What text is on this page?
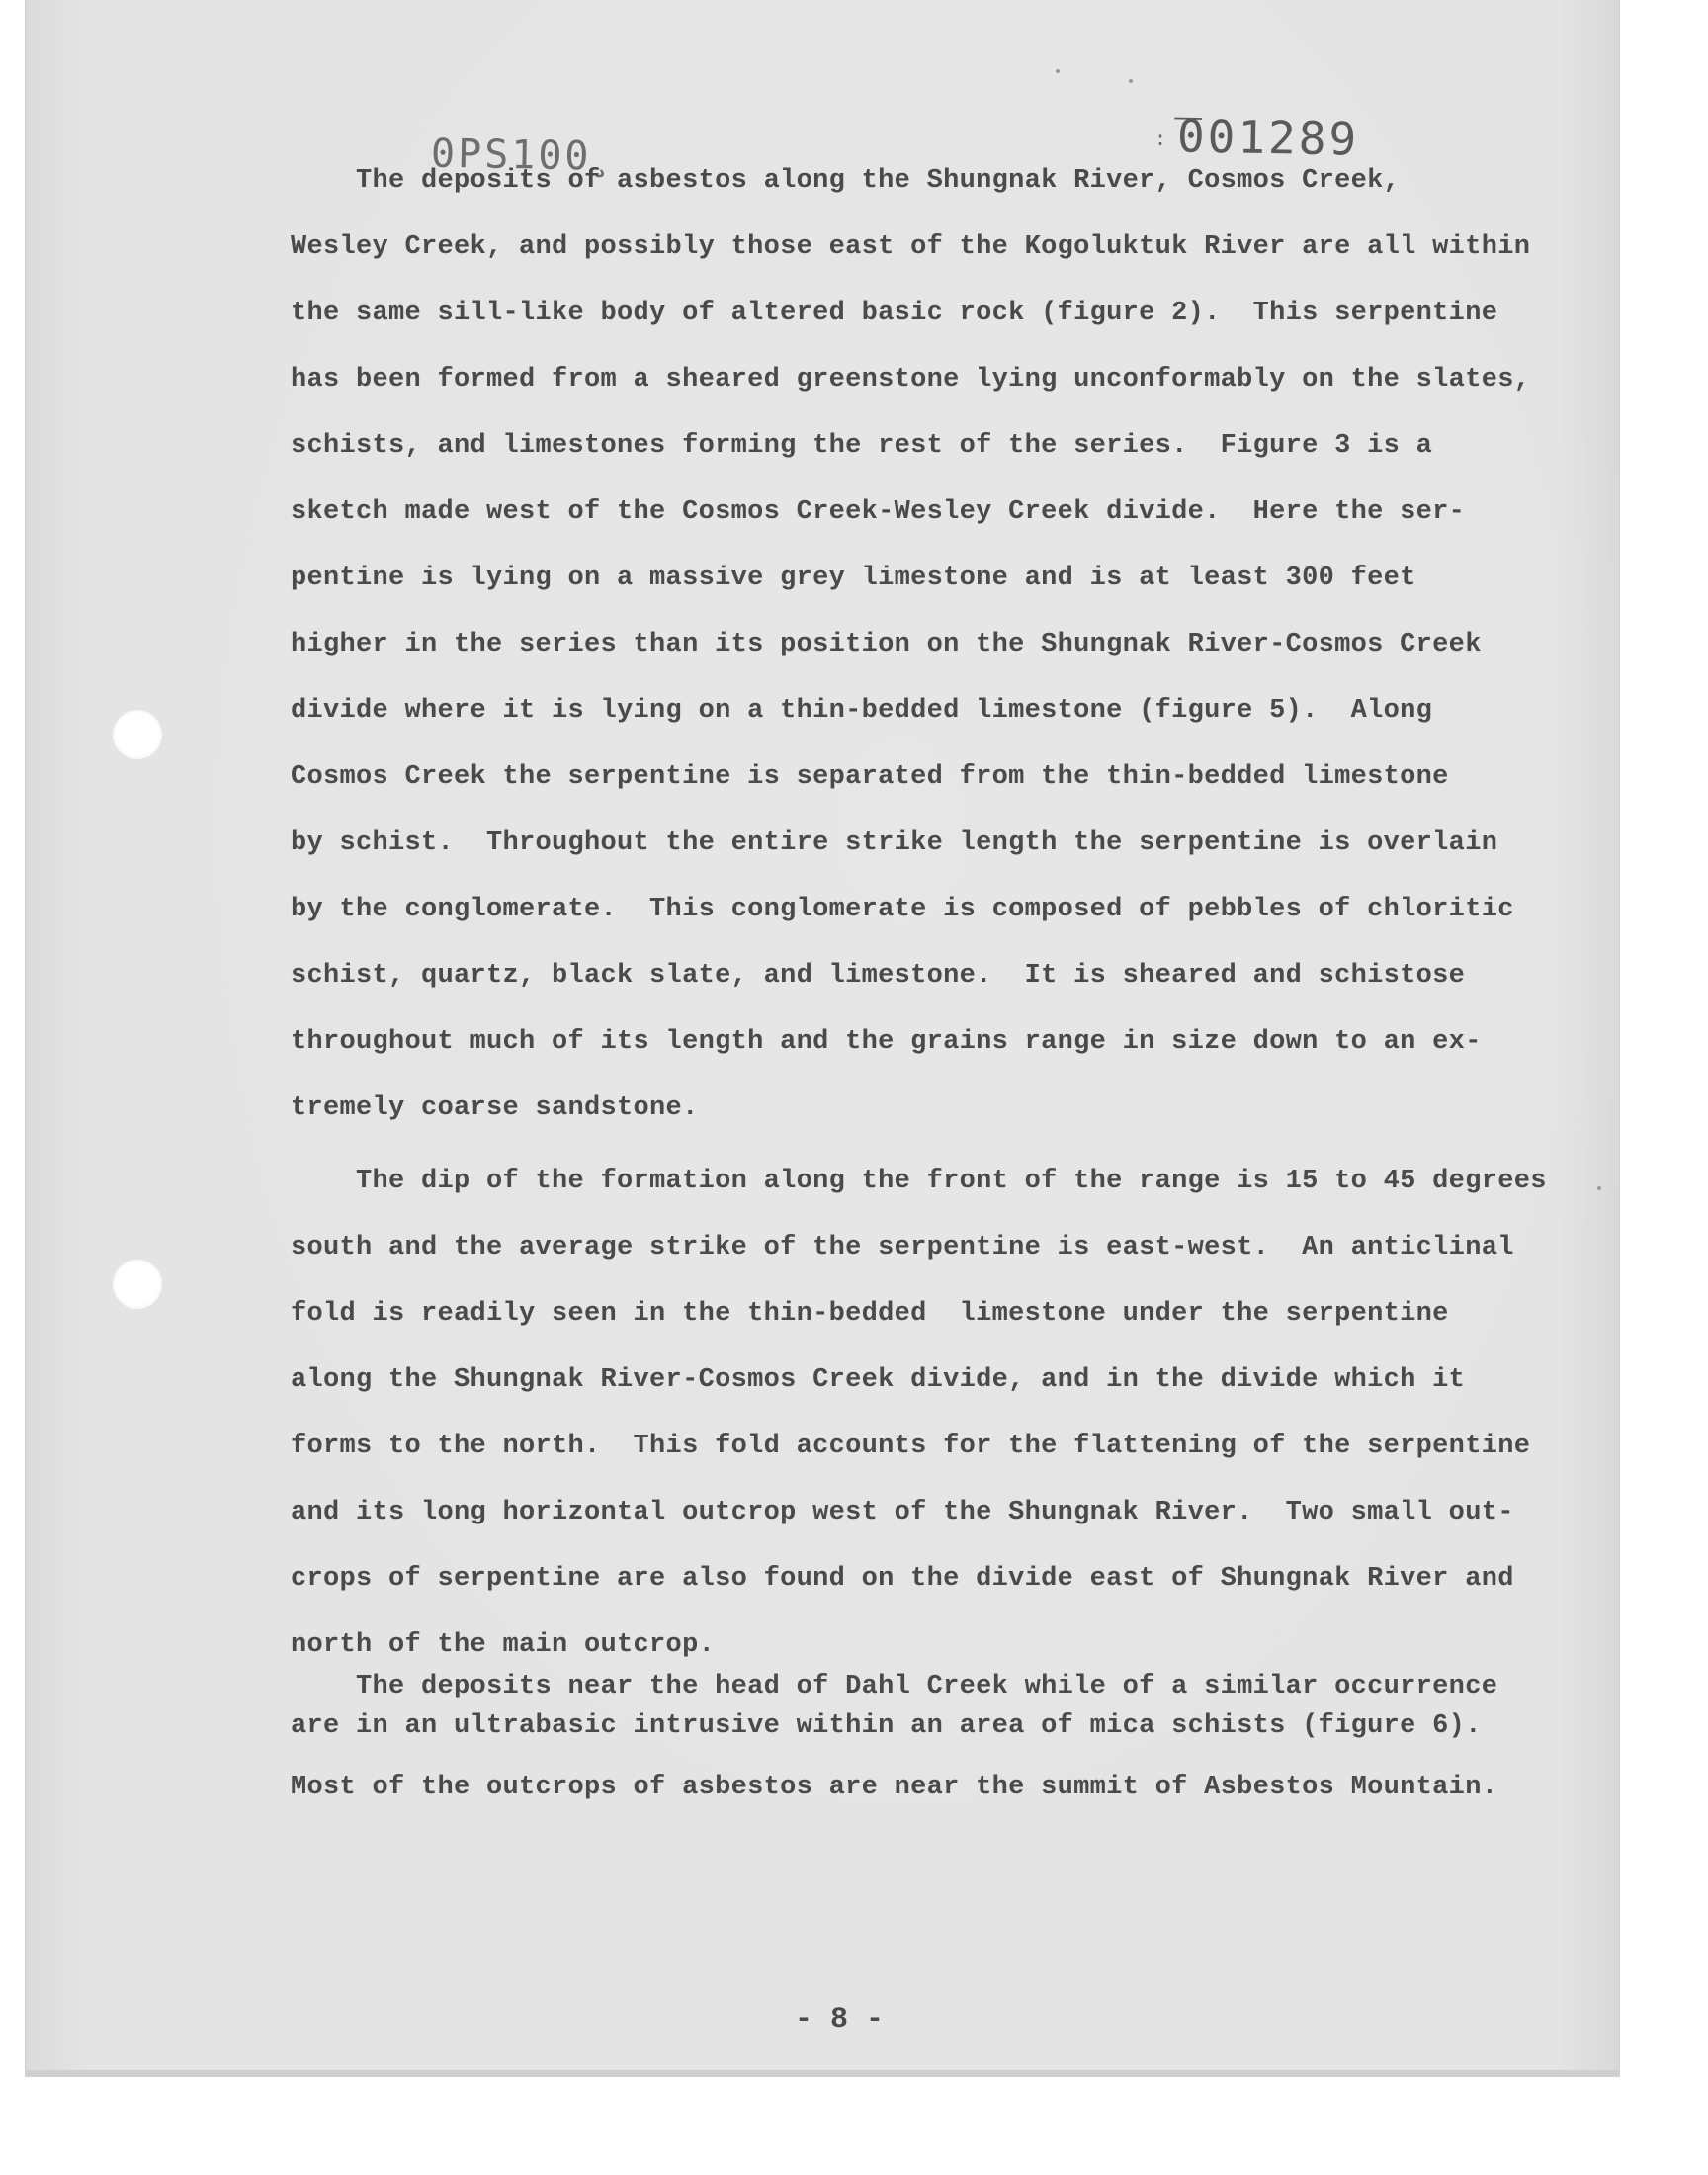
0PS100̧	: ̅001289

The deposits of asbestos along the Shungnak River, Cosmos Creek,
Wesley Creek, and possibly those east of the Kogoluktuk River are all within
the same sill-like body of altered basic rock (figure 2).  This serpentine
has been formed from a sheared greenstone lying unconformably on the slates,
schists, and limestones forming the rest of the series.  Figure 3 is a
sketch made west of the Cosmos Creek-Wesley Creek divide.  Here the ser-
pentine is lying on a massive grey limestone and is at least 300 feet
higher in the series than its position on the Shungnak River-Cosmos Creek
divide where it is lying on a thin-bedded limestone (figure 5).  Along
Cosmos Creek the serpentine is separated from the thin-bedded limestone
by schist.  Throughout the entire strike length the serpentine is overlain
by the conglomerate.  This conglomerate is composed of pebbles of chloritic
schist, quartz, black slate, and limestone.  It is sheared and schistose
throughout much of its length and the grains range in size down to an ex-
tremely coarse sandstone.

The dip of the formation along the front of the range is 15 to 45 degrees
south and the average strike of the serpentine is east-west.  An anticlinal
fold is readily seen in the thin-bedded  limestone under the serpentine
along the Shungnak River-Cosmos Creek divide, and in the divide which it
forms to the north.  This fold accounts for the flattening of the serpentine
and its long horizontal outcrop west of the Shungnak River.  Two small out-
crops of serpentine are also found on the divide east of Shungnak River and
north of the main outcrop.

The deposits near the head of Dahl Creek while of a similar occurrence
are in an ultrabasic intrusive within an area of mica schists (figure 6).
Most of the outcrops of asbestos are near the summit of Asbestos Mountain.

- 8 -
